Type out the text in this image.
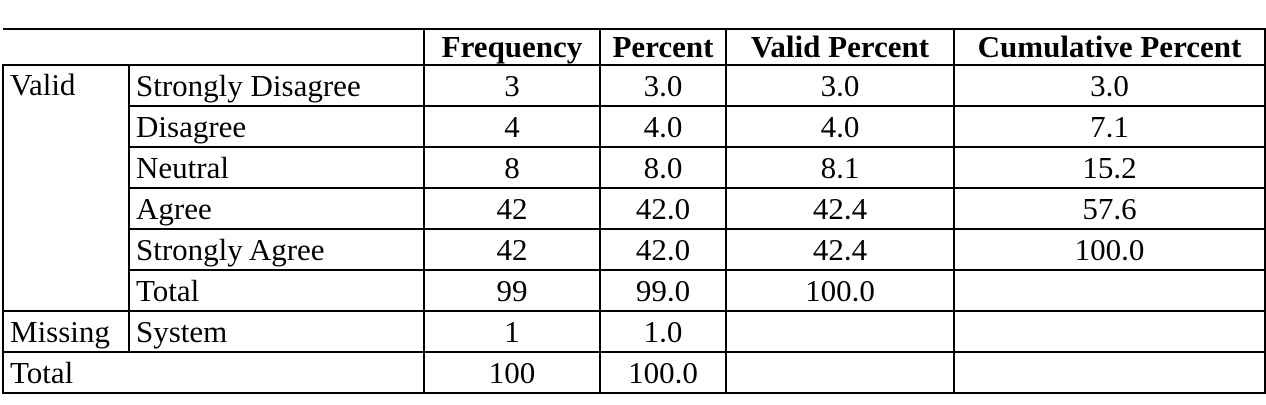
		Frequency	Percent	Valid Percent	Cumulative Percent
Valid	Strongly Disagree	3	3.0	3.0	3.0
	Disagree	4	4.0	4.0	7.1
	Neutral	8	8.0	8.1	15.2
	Agree	42	42.0	42.4	57.6
	Strongly Agree	42	42.0	42.4	100.0
	Total	99	99.0	100.0	
Missing	System	1	1.0		
Total		100	100.0		
